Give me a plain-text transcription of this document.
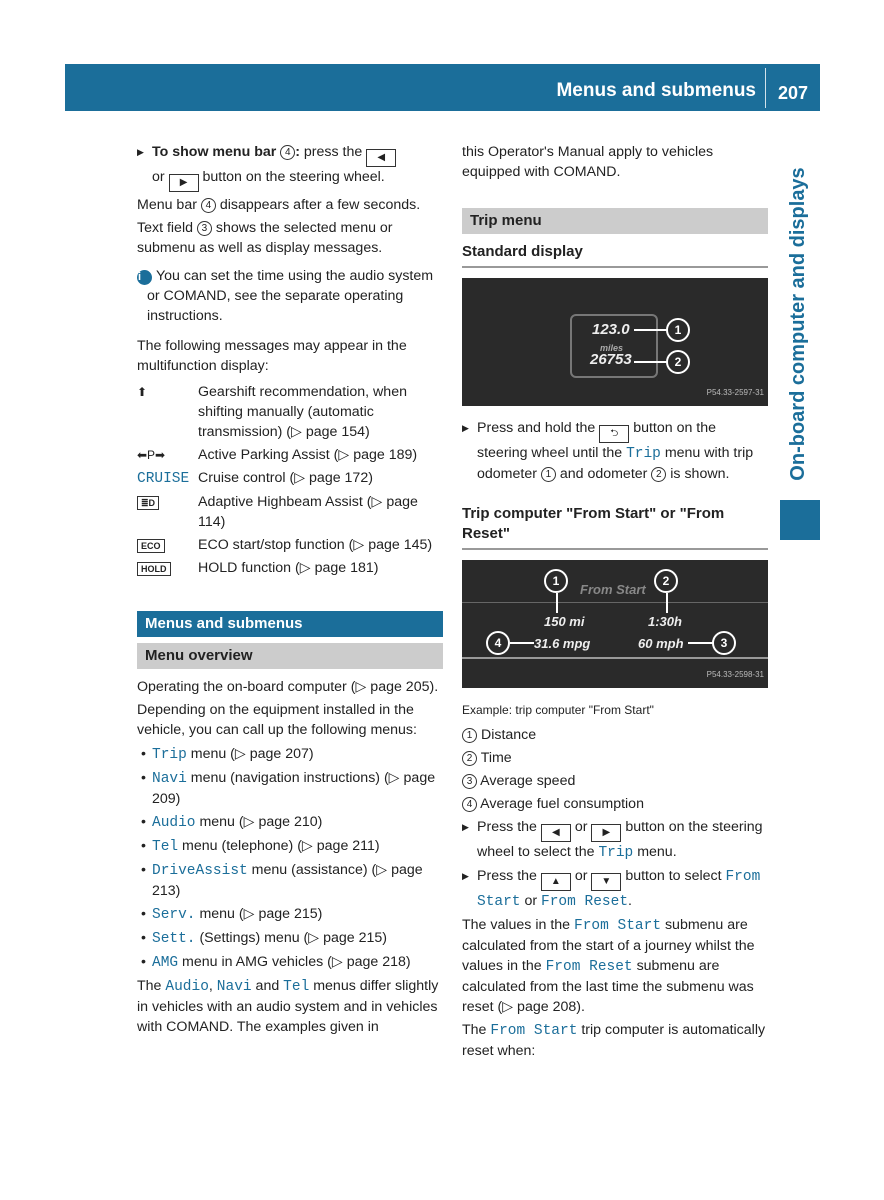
Menus and submenus 207
On-board computer and displays

▶ To show menu bar 4 : press the ◀
or ▶ button on the steering wheel.

Menu bar 4 disappears after a few seconds.

Text field 3 shows the selected menu or submenu as well as display messages.

i You can set the time using the audio system or COMAND, see the separate operating instructions.

The following messages may appear in the multifunction display:

⬆	Gearshift recommendation, when shifting manually (automatic transmission) (▷ page 154)
⬅P➡	Active Parking Assist (▷ page 189)
CRUISE	Cruise control (▷ page 172)
≣D	Adaptive Highbeam Assist (▷ page 114)
ECO	ECO start/stop function (▷ page 145)
HOLD	HOLD function (▷ page 181)
Menus and submenus
Menu overview

Operating the on-board computer (▷ page 205).

Depending on the equipment installed in the vehicle, you can call up the following menus:

• Trip menu (▷ page 207)
• Navi menu (navigation instructions) (▷ page 209)
• Audio menu (▷ page 210)
• Tel menu (telephone) (▷ page 211)
• DriveAssist menu (assistance) (▷ page 213)
• Serv. menu (▷ page 215)
• Sett. (Settings) menu (▷ page 215)
• AMG menu in AMG vehicles (▷ page 218)

The Audio, Navi and Tel menus differ slightly in vehicles with an audio system and in vehicles with COMAND. The examples given in

this Operator's Manual apply to vehicles equipped with COMAND.

Trip menu
Standard display
123.0
miles
26753
1
2
P54.33-2597-31

▶ Press and hold the ⮌ button on the steering wheel until the Trip menu with trip odometer 1 and odometer 2 is shown.

Trip computer "From Start" or "From Reset"
From Start
150 mi	1:30h
31.6 mpg	60 mph
1	2
3
4
P54.33-2598-31

Example: trip computer "From Start"

1 Distance
2 Time
3 Average speed
4 Average fuel consumption

▶ Press the ◀ or ▶ button on the steering wheel to select the Trip menu.

▶ Press the ▲ or ▼ button to select From Start or From Reset.

The values in the From Start submenu are calculated from the start of a journey whilst the values in the From Reset submenu are calculated from the last time the submenu was reset (▷ page 208).

The From Start trip computer is automatically reset when:
